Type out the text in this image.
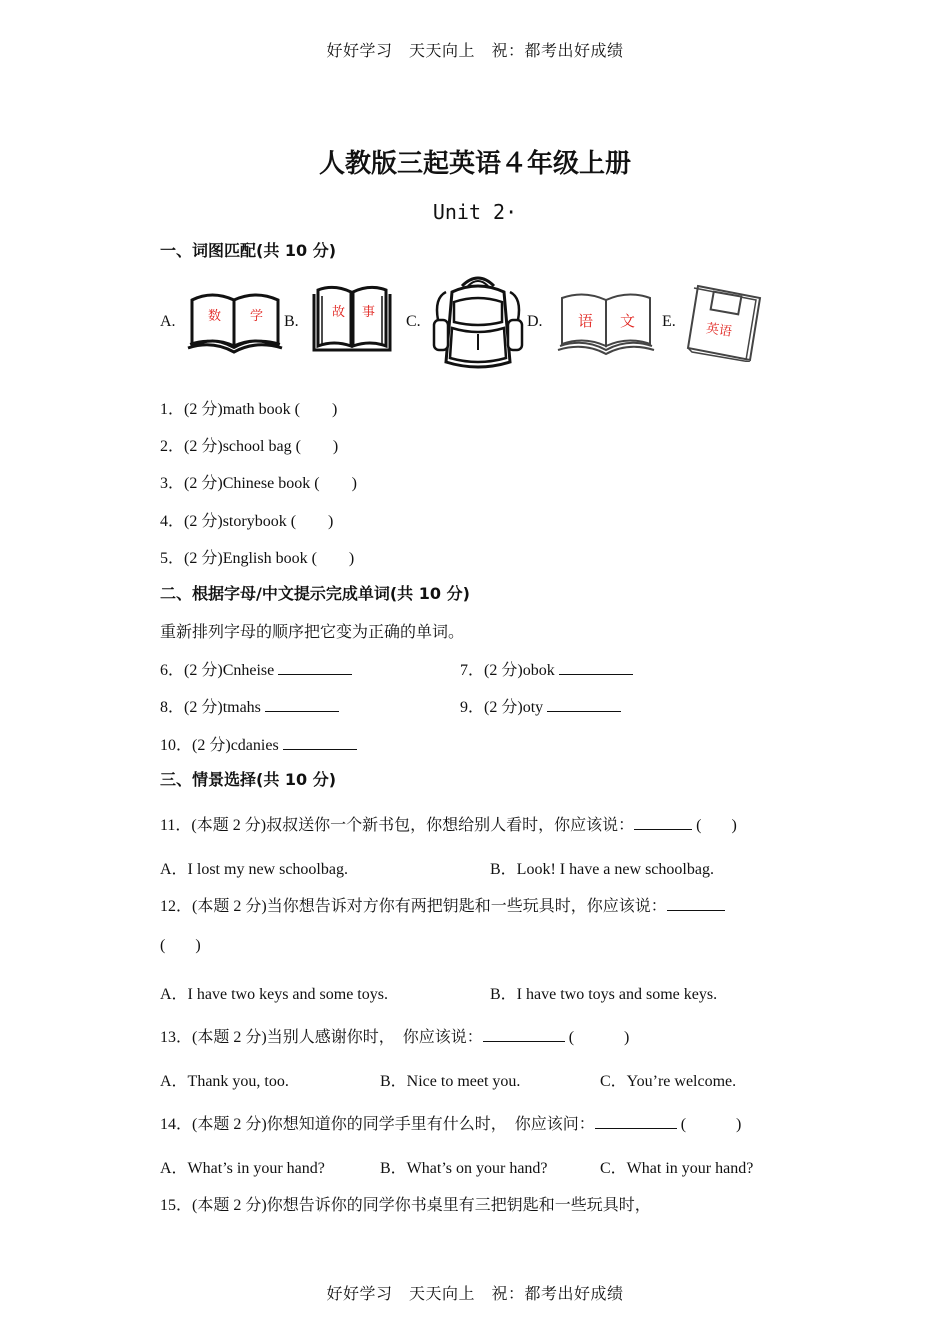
好好学习　天天向上　祝：都考出好成绩
人教版三起英语４年级上册
Unit 2·
一、词图匹配(共 10 分)
A. 数 学 B.
故 事
C.	D. 语 文 E. 英语
1．(2 分)math book ( )
2．(2 分)school bag ( )
3．(2 分)Chinese book ( )
4．(2 分)storybook ( )
5．(2 分)English book ( )
二、根据字母/中文提示完成单词(共 10 分)
重新排列字母的顺序把它变为正确的单词。
6．(2 分)Cnheise	7．(2 分)obok
8．(2 分)tmahs	9．(2 分)oty
10．(2 分)cdanies
三、情景选择(共 10 分)
11．(本题 2 分)叔叔送你一个新书包，你想给别人看时，你应该说：	( )
A．I lost my new schoolbag.	B．Look! I have a new schoolbag.
12．(本题 2 分)当你想告诉对方你有两把钥匙和一些玩具时，你应该说：
( )
A．I have two keys and some toys.	B．I have two toys and some keys.
13．(本题 2 分)当别人感谢你时，　你应该说：	(	)
A．Thank you, too.	B．Nice to meet you.	C．You’re welcome.
14．(本题 2 分)你想知道你的同学手里有什么时，　你应该问：	(	)
A．What’s in your hand?	B．What’s on your hand?	C．What in your hand?
15．(本题 2 分)你想告诉你的同学你书桌里有三把钥匙和一些玩具时，
好好学习　天天向上　祝：都考出好成绩
